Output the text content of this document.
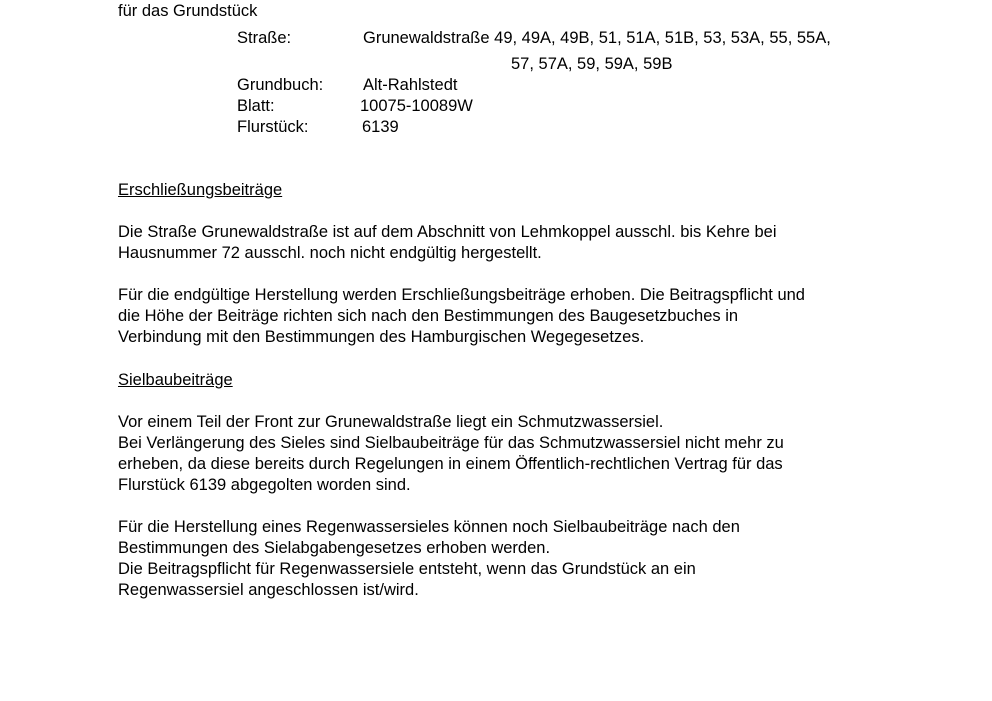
für das Grundstück
Straße:	Grunewaldstraße 49, 49A, 49B, 51, 51A, 51B, 53, 53A, 55, 55A,
57, 57A, 59, 59A, 59B
Grundbuch: Alt-Rahlstedt
Blatt:	10075-10089W
Flurstück:	6139
Erschließungsbeiträge

Die Straße Grunewaldstraße ist auf dem Abschnitt von Lehmkoppel ausschl. bis Kehre bei

Hausnummer 72 ausschl. noch nicht endgültig hergestellt.

Für die endgültige Herstellung werden Erschließungsbeiträge erhoben. Die Beitragspflicht und

die Höhe der Beiträge richten sich nach den Bestimmungen des Baugesetzbuches in

Verbindung mit den Bestimmungen des Hamburgischen Wegegesetzes.

Sielbaubeiträge

Vor einem Teil der Front zur Grunewaldstraße liegt ein Schmutzwassersiel.

Bei Verlängerung des Sieles sind Sielbaubeiträge für das Schmutzwassersiel nicht mehr zu

erheben, da diese bereits durch Regelungen in einem Öffentlich-rechtlichen Vertrag für das

Flurstück 6139 abgegolten worden sind.

Für die Herstellung eines Regenwassersieles können noch Sielbaubeiträge nach den

Bestimmungen des Sielabgabengesetzes erhoben werden.

Die Beitragspflicht für Regenwassersiele entsteht, wenn das Grundstück an ein

Regenwassersiel angeschlossen ist/wird.
